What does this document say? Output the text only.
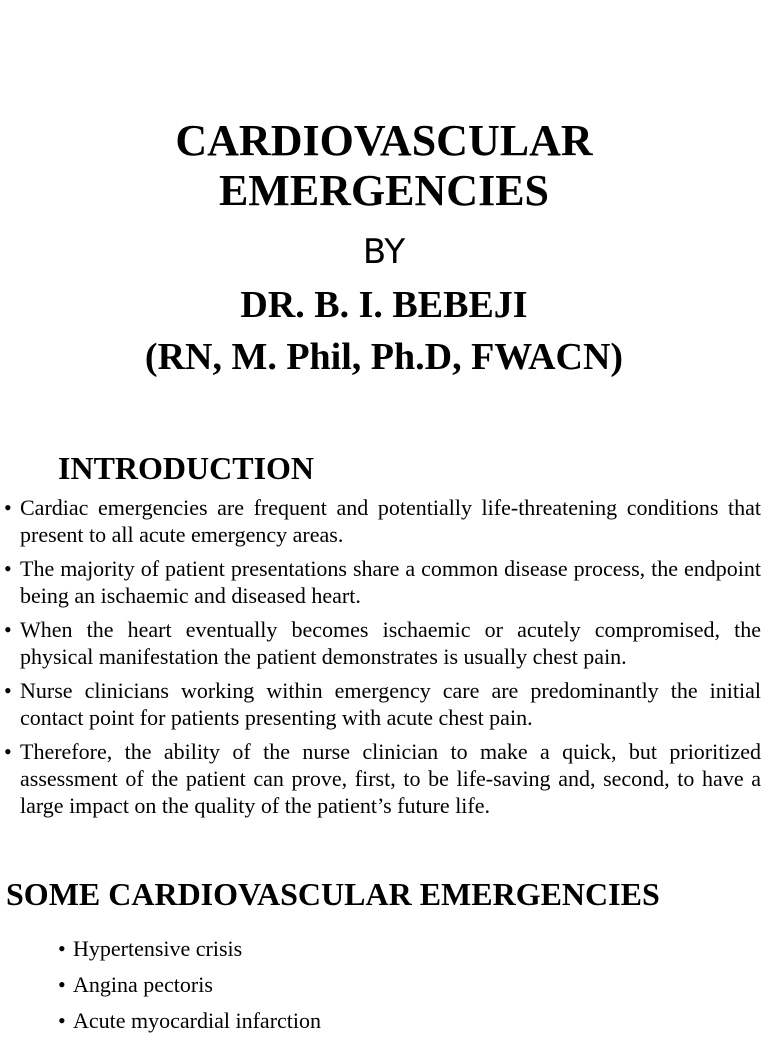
CARDIOVASCULAR
EMERGENCIES
BY
DR. B. I. BEBEJI
(RN, M. Phil, Ph.D, FWACN)
INTRODUCTION
• Cardiac emergencies are frequent and potentially life-threatening conditions that present to all acute emergency areas.
• The majority of patient presentations share a common disease process, the endpoint being an ischaemic and diseased heart.
• When the heart eventually becomes ischaemic or acutely compromised, the physical manifestation the patient demonstrates is usually chest pain.
• Nurse clinicians working within emergency care are predominantly the initial contact point for patients presenting with acute chest pain.
• Therefore, the ability of the nurse clinician to make a quick, but prioritized assessment of the patient can prove, first, to be life-saving and, second, to have a large impact on the quality of the patient’s future life.
SOME CARDIOVASCULAR EMERGENCIES
• Hypertensive crisis
• Angina pectoris
• Acute myocardial infarction
